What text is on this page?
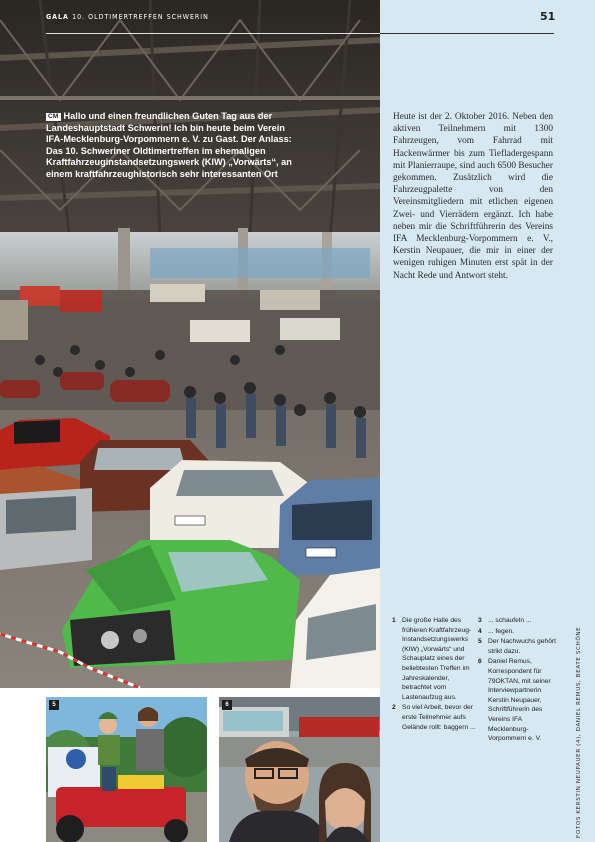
GALA 10. OLDTIMERTREFFEN SCHWERIN	51
CM Hallo und einen freundlichen Guten Tag aus der Landeshauptstadt Schwerin! Ich bin heute beim Verein IFA-Mecklenburg-Vorpommern e. V. zu Gast. Der Anlass: Das 10. Schweriner Oldtimertreffen im ehemaligen Kraftfahrzeuginstandsetzungswerk (KIW) „Vorwärts“, an einem kraftfahrzeughistorisch sehr interessanten Ort
Heute ist der 2. Oktober 2016. Neben den aktiven Teilnehmern mit 1300 Fahrzeugen, vom Fahrrad mit Hackenwärmer bis zum Tiefladergespann mit Planierraupe, sind auch 6500 Besucher gekommen. Zusätzlich wird die Fahrzeugpalette von den Vereinsmitgliedern mit etlichen eigenen Zwei- und Vierrädern ergänzt. Ich habe neben mir die Schriftführerin des Vereins IFA Mecklenburg-Vorpommern e. V., Kerstin Neupauer, die mir in einer der wenigen ruhigen Minuten erst spät in der Nacht Rede und Antwort steht.
1 Die große Halle des früheren Kraftfahrzeug-Instandsetzungswerks (KIW) „Vorwärts“ und Schauplatz eines der beliebtesten Treffen im Jahreskalender, betrachtet vom Lastenaufzug aus.
2 So viel Arbeit, bevor der erste Teilnehmer aufs Gelände rollt: baggern ...
3 ... schaufeln ...
4 ... fegen.
5 Der Nachwuchs gehört strikt dazu.
6 Daniel Remus, Korrespondent für 79OKTAN, mit seiner Interviewpartnerin Kerstin Neupauer, Schriftführerin des Vereins IFA Mecklenburg-Vorpommern e. V.	FOTOS KERSTIN NEUPAUER (4), DANIEL REMUS, BEATE SCHÖNE
5	6
